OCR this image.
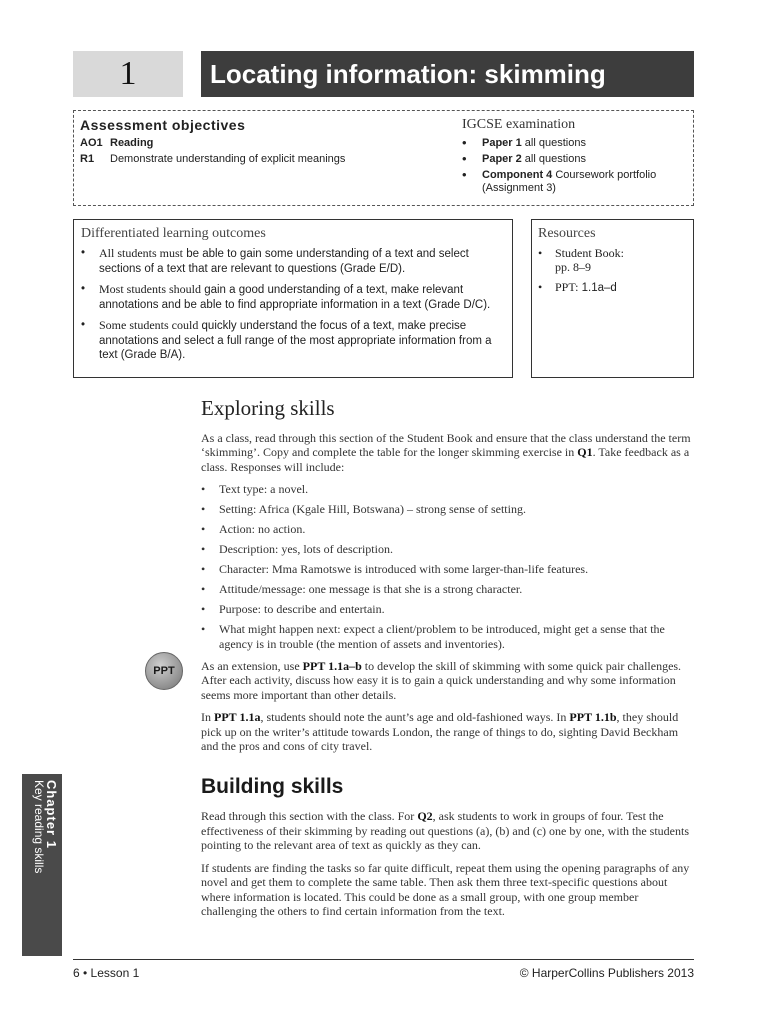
1	Locating information: skimming
Assessment objectives
AO1 Reading
R1	Demonstrate understanding of explicit meanings
IGCSE examination
• Paper 1 all questions
• Paper 2 all questions
• Component 4 Coursework portfolio (Assignment 3)
Differentiated learning outcomes
• All students must be able to gain some understanding of a text and select sections of a text that are relevant to questions (Grade E/D).
• Most students should gain a good understanding of a text, make relevant annotations and be able to find appropriate information in a text (Grade D/C).
• Some students could quickly understand the focus of a text, make precise annotations and select a full range of the most appropriate information from a text (Grade B/A).
Resources
• Student Book:
pp. 8–9
• PPT: 1.1a–d
PPT
Exploring skills

As a class, read through this section of the Student Book and ensure that the class understand the term ‘skimming’. Copy and complete the table for the longer skimming exercise in Q1. Take feedback as a class. Responses will include:

• Text type: a novel.
• Setting: Africa (Kgale Hill, Botswana) – strong sense of setting.
• Action: no action.
• Description: yes, lots of description.
• Character: Mma Ramotswe is introduced with some larger-than-life features.
• Attitude/message: one message is that she is a strong character.
• Purpose: to describe and entertain.
• What might happen next: expect a client/problem to be introduced, might get a sense that the agency is in trouble (the mention of assets and inventories).

As an extension, use PPT 1.1a–b to develop the skill of skimming with some quick pair challenges. After each activity, discuss how easy it is to gain a quick understanding and why some information seems more important than other details.

In PPT 1.1a, students should note the aunt’s age and old-fashioned ways. In PPT 1.1b, they should pick up on the writer’s attitude towards London, the range of things to do, sighting David Beckham and the pros and cons of city travel.

Building skills

Read through this section with the class. For Q2, ask students to work in groups of four. Test the effectiveness of their skimming by reading out questions (a), (b) and (c) one by one, with the students pointing to the relevant area of text as quickly as they can.

If students are finding the tasks so far quite difficult, repeat them using the opening paragraphs of any novel and get them to complete the same table. Then ask them three text-specific questions about where information is located. This could be done as a small group, with one group member challenging the others to find certain information from the text.

Chapter 1
Key reading skills
6 • Lesson 1	© HarperCollins Publishers 2013
